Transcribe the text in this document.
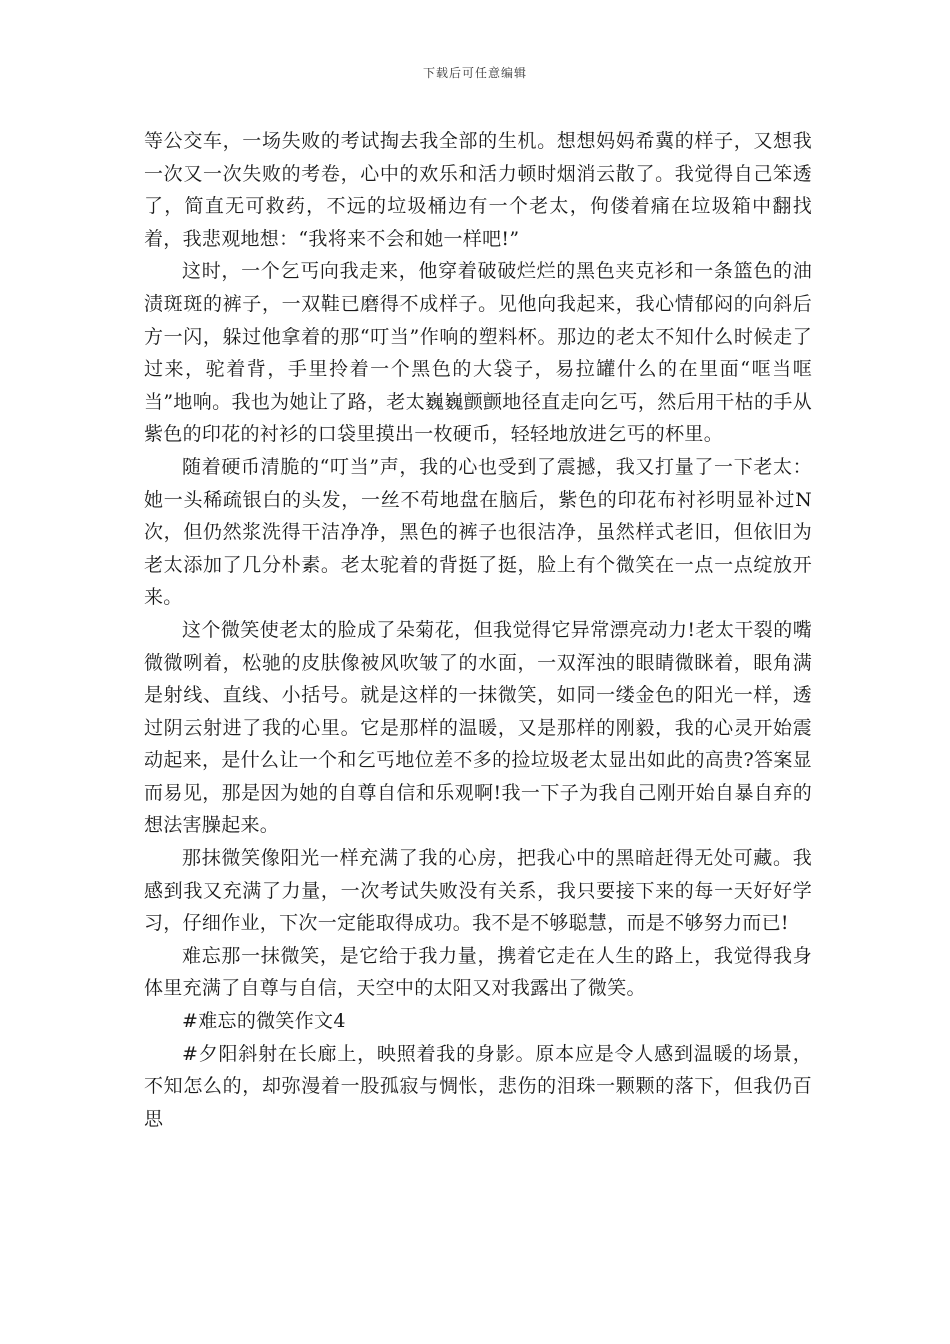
下载后可任意编辑

等公交车，一场失败的考试掏去我全部的生机。想想妈妈希冀的样子，又想我一次又一次失败的考卷，心中的欢乐和活力顿时烟消云散了。我觉得自己笨透了，简直无可救药，不远的垃圾桶边有一个老太，佝偻着痛在垃圾箱中翻找着，我悲观地想：“我将来不会和她一样吧!”

这时，一个乞丐向我走来，他穿着破破烂烂的黑色夹克衫和一条篮色的油渍斑斑的裤子，一双鞋已磨得不成样子。见他向我起来，我心情郁闷的向斜后方一闪，躲过他拿着的那“叮当”作响的塑料杯。那边的老太不知什么时候走了过来，驼着背，手里拎着一个黑色的大袋子，易拉罐什么的在里面“哐当哐当”地响。我也为她让了路，老太巍巍颤颤地径直走向乞丐，然后用干枯的手从紫色的印花的衬衫的口袋里摸出一枚硬币，轻轻地放进乞丐的杯里。

随着硬币清脆的“叮当”声，我的心也受到了震撼，我又打量了一下老太：她一头稀疏银白的头发，一丝不苟地盘在脑后，紫色的印花布衬衫明显补过N次，但仍然浆洗得干洁净净，黑色的裤子也很洁净，虽然样式老旧，但依旧为老太添加了几分朴素。老太驼着的背挺了挺，脸上有个微笑在一点一点绽放开来。

这个微笑使老太的脸成了朵菊花，但我觉得它异常漂亮动力!老太干裂的嘴微微咧着，松驰的皮肤像被风吹皱了的水面，一双浑浊的眼睛微眯着，眼角满是射线、直线、小括号。就是这样的一抹微笑，如同一缕金色的阳光一样，透过阴云射进了我的心里。它是那样的温暖，又是那样的刚毅，我的心灵开始震动起来，是什么让一个和乞丐地位差不多的捡垃圾老太显出如此的高贵?答案显而易见，那是因为她的自尊自信和乐观啊!我一下子为我自己刚开始自暴自弃的想法害臊起来。

那抹微笑像阳光一样充满了我的心房，把我心中的黑暗赶得无处可藏。我感到我又充满了力量，一次考试失败没有关系，我只要接下来的每一天好好学习，仔细作业，下次一定能取得成功。我不是不够聪慧，而是不够努力而已!

难忘那一抹微笑，是它给于我力量，携着它走在人生的路上，我觉得我身体里充满了自尊与自信，天空中的太阳又对我露出了微笑。

#难忘的微笑作文4

#夕阳斜射在长廊上，映照着我的身影。原本应是令人感到温暖的场景，不知怎么的，却弥漫着一股孤寂与惆怅，悲伤的泪珠一颗颗的落下，但我仍百思
